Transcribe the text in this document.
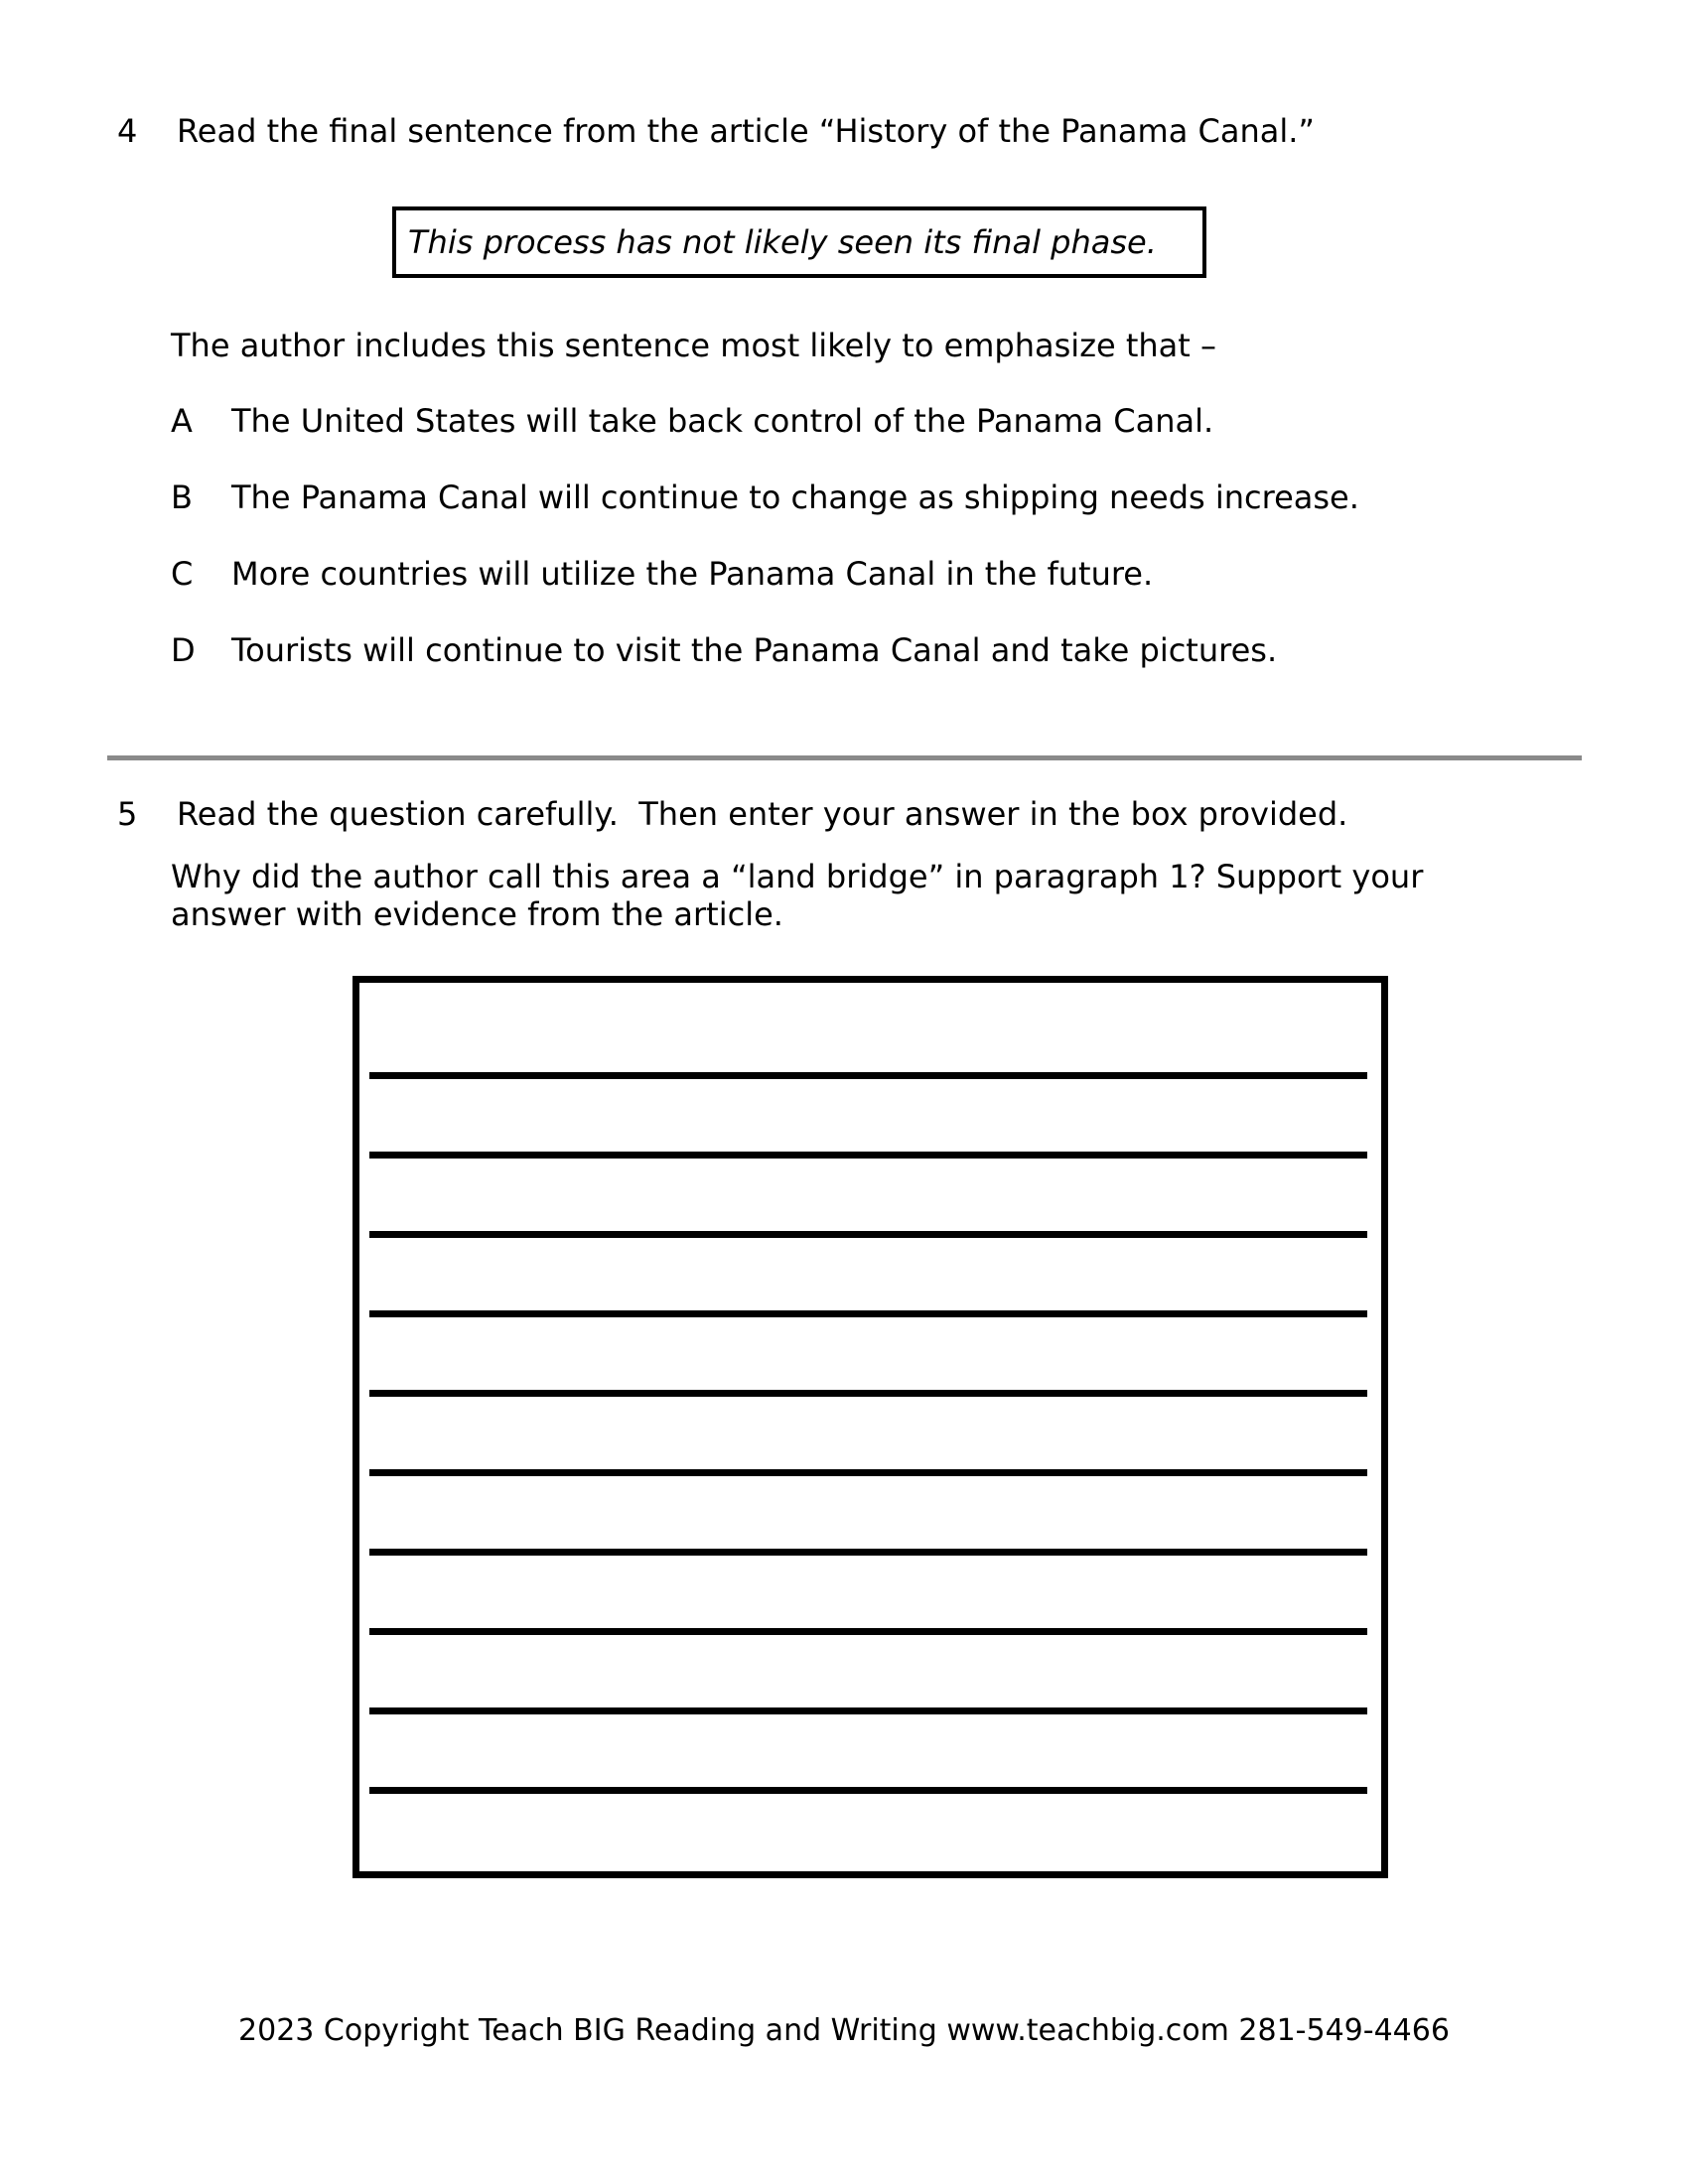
4	Read the final sentence from the article “History of the Panama Canal.”
This process has not likely seen its final phase.
The author includes this sentence most likely to emphasize that –
A	The United States will take back control of the Panama Canal.
B	The Panama Canal will continue to change as shipping needs increase.
C	More countries will utilize the Panama Canal in the future.
D	Tourists will continue to visit the Panama Canal and take pictures.
5	Read the question carefully.  Then enter your answer in the box provided.
Why did the author call this area a “land bridge” in paragraph 1? Support your answer with evidence from the article.
2023 Copyright Teach BIG Reading and Writing www.teachbig.com 281-549-4466
